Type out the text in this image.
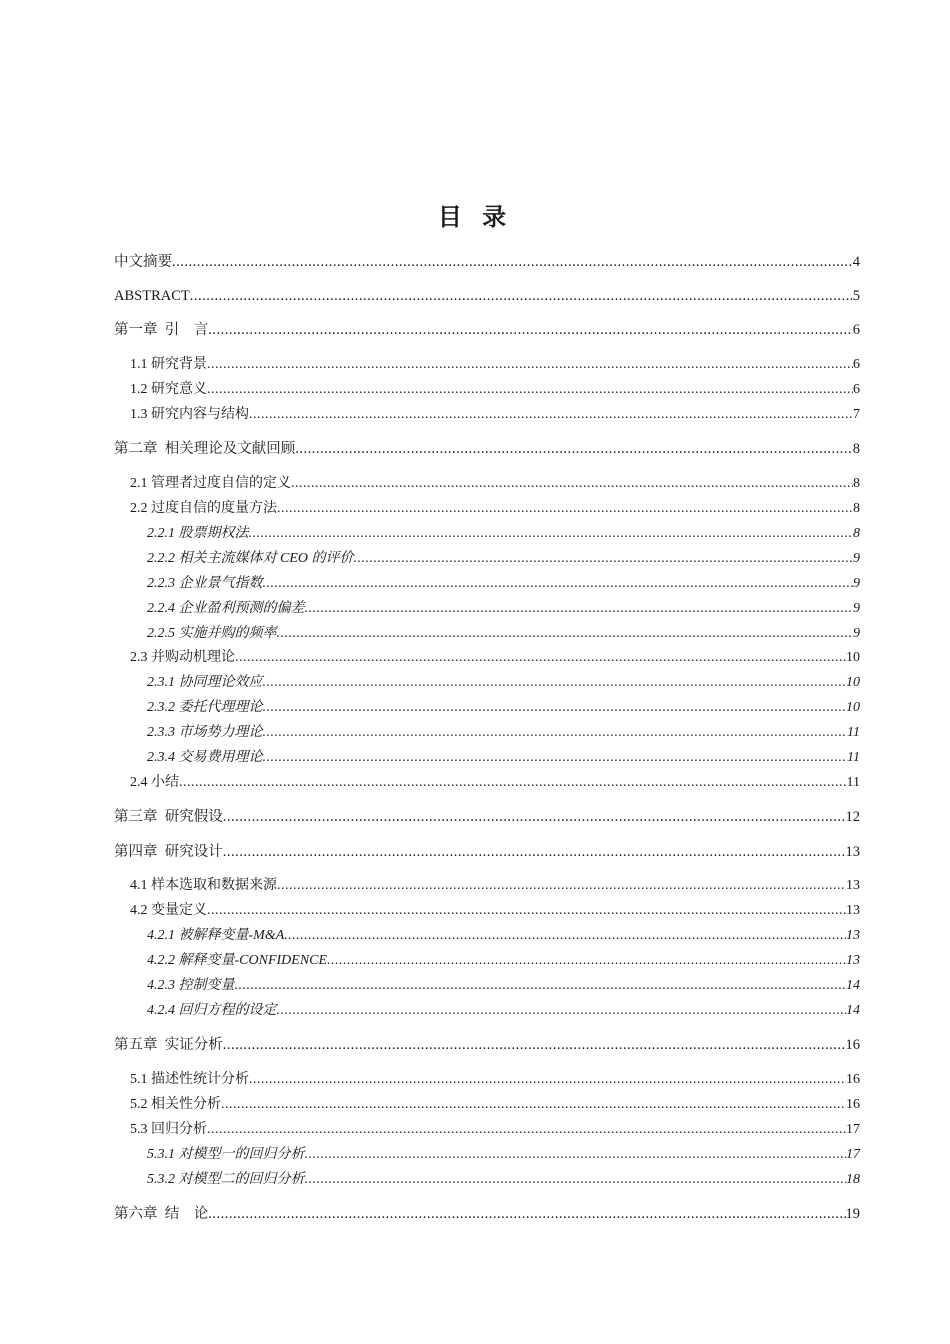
目 录
中文摘要 .....	4
ABSTRACT .....	5
第一章 引    言 .....	6
1.1 研究背景 .....	6
1.2 研究意义 .....	6
1.3 研究内容与结构 .....	7
第二章 相关理论及文献回顾 .....	8
2.1 管理者过度自信的定义 .....	8
2.2 过度自信的度量方法 .....	8
2.2.1 股票期权法 .....	8
2.2.2 相关主流媒体对 CEO 的评价 .....	9
2.2.3 企业景气指数 .....	9
2.2.4 企业盈利预测的偏差 .....	9
2.2.5 实施并购的频率 .....	9
2.3 并购动机理论 .....	10
2.3.1 协同理论效应 .....	10
2.3.2 委托代理理论 .....	10
2.3.3 市场势力理论 .....	11
2.3.4 交易费用理论 .....	11
2.4 小结 .....	11
第三章 研究假设 .....	12
第四章 研究设计 .....	13
4.1 样本选取和数据来源 .....	13
4.2 变量定义 .....	13
4.2.1 被解释变量-M&A .....	13
4.2.2 解释变量-CONFIDENCE .....	13
4.2.3 控制变量 .....	14
4.2.4 回归方程的设定 .....	14
第五章 实证分析 .....	16
5.1 描述性统计分析 .....	16
5.2 相关性分析 .....	16
5.3 回归分析 .....	17
5.3.1 对模型一的回归分析 .....	17
5.3.2 对模型二的回归分析 .....	18
第六章 结    论 .....	19
